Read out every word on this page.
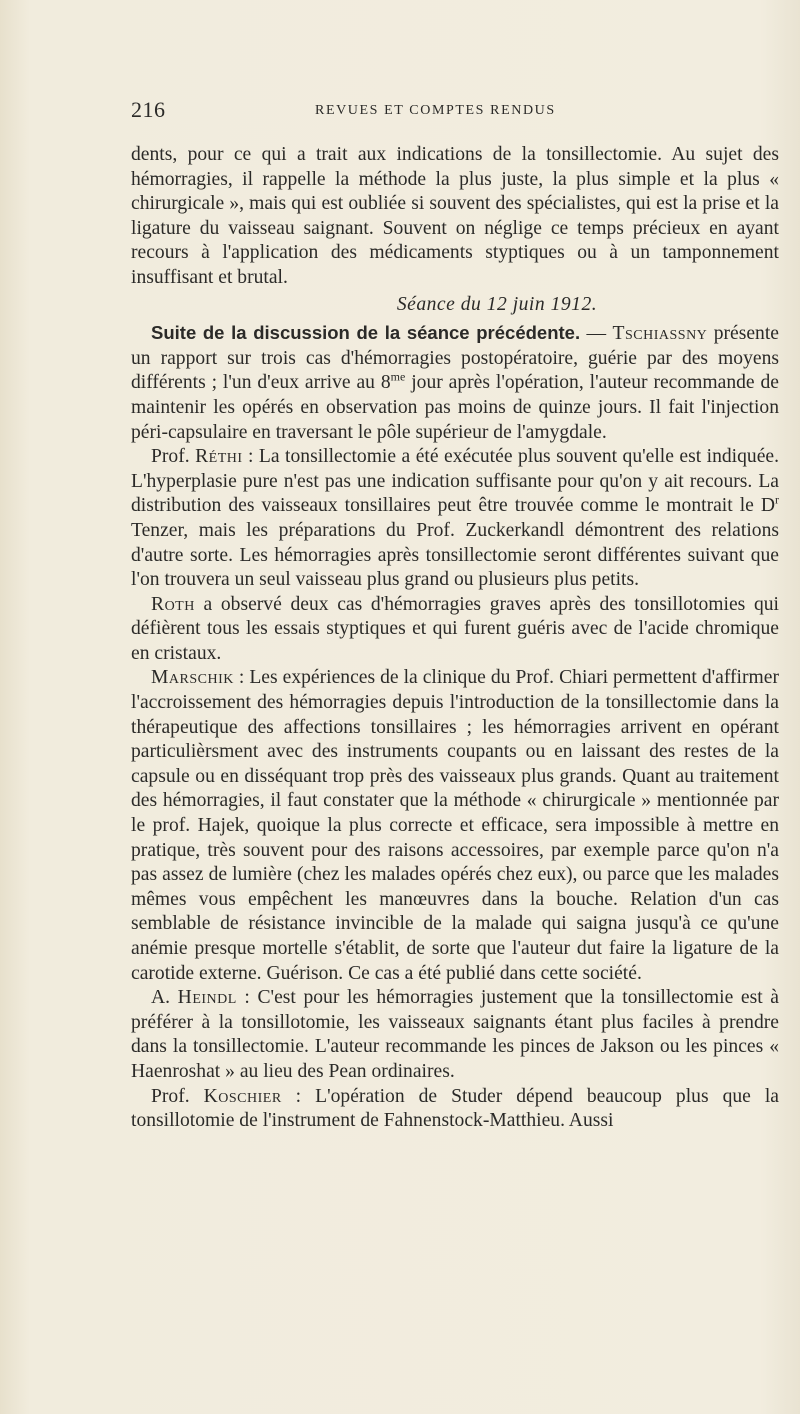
216	REVUES ET COMPTES RENDUS

dents, pour ce qui a trait aux indications de la tonsillectomie. Au sujet des hémorragies, il rappelle la méthode la plus juste, la plus simple et la plus « chirurgicale », mais qui est oubliée si souvent des spécialistes, qui est la prise et la ligature du vaisseau saignant. Souvent on néglige ce temps précieux en ayant recours à l'application des médicaments styptiques ou à un tamponnement insuffisant et brutal.

Séance du 12 juin 1912.

Suite de la discussion de la séance précédente. — Tschiassny présente un rapport sur trois cas d'hémorragies postopératoire, guérie par des moyens différents ; l'un d'eux arrive au $8^{me}$ jour après l'opération, l'auteur recommande de maintenir les opérés en observation pas moins de quinze jours. Il fait l'injection péri-capsulaire en traversant le pôle supérieur de l'amygdale.

Prof. Réthi : La tonsillectomie a été exécutée plus souvent qu'elle est indiquée. L'hyperplasie pure n'est pas une indication suffisante pour qu'on y ait recours. La distribution des vaisseaux tonsillaires peut être trouvée comme le montrait le $D^r$ Tenzer, mais les préparations du Prof. Zuckerkandl démontrent des relations d'autre sorte. Les hémorragies après tonsillectomie seront différentes suivant que l'on trouvera un seul vaisseau plus grand ou plusieurs plus petits.

Roth a observé deux cas d'hémorragies graves après des tonsillotomies qui défièrent tous les essais styptiques et qui furent guéris avec de l'acide chromique en cristaux.

Marschik : Les expériences de la clinique du Prof. Chiari permettent d'affirmer l'accroissement des hémorragies depuis l'introduction de la tonsillectomie dans la thérapeutique des affections tonsillaires ; les hémorragies arrivent en opérant particulièrsment avec des instruments coupants ou en laissant des restes de la capsule ou en disséquant trop près des vaisseaux plus grands. Quant au traitement des hémorragies, il faut constater que la méthode « chirurgicale » mentionnée par le prof. Hajek, quoique la plus correcte et efficace, sera impossible à mettre en pratique, très souvent pour des raisons accessoires, par exemple parce qu'on n'a pas assez de lumière (chez les malades opérés chez eux), ou parce que les malades mêmes vous empêchent les manœuvres dans la bouche. Relation d'un cas semblable de résistance invincible de la malade qui saigna jusqu'à ce qu'une anémie presque mortelle s'établit, de sorte que l'auteur dut faire la ligature de la carotide externe. Guérison. Ce cas a été publié dans cette société.

A. Heindl : C'est pour les hémorragies justement que la tonsillectomie est à préférer à la tonsillotomie, les vaisseaux saignants étant plus faciles à prendre dans la tonsillectomie. L'auteur recommande les pinces de Jakson ou les pinces « Haenroshat » au lieu des Pean ordinaires.

Prof. Koschier : L'opération de Studer dépend beaucoup plus que la tonsillotomie de l'instrument de Fahnenstock-Matthieu. Aussi
